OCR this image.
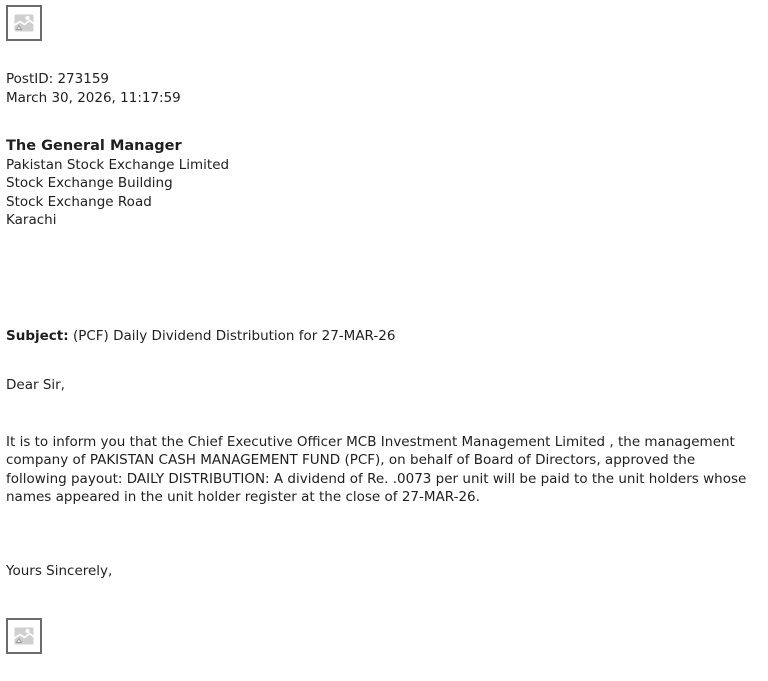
PostID: 273159
March 30, 2026, 11:17:59
The General Manager
Pakistan Stock Exchange Limited
Stock Exchange Building
Stock Exchange Road
Karachi

Subject: (PCF) Daily Dividend Distribution for 27-MAR-26

Dear Sir,

It is to inform you that the Chief Executive Officer MCB Investment Management Limited , the management company of PAKISTAN CASH MANAGEMENT FUND (PCF), on behalf of Board of Directors, approved the following payout: DAILY DISTRIBUTION: A dividend of Re. .0073 per unit will be paid to the unit holders whose names appeared in the unit holder register at the close of 27-MAR-26.

Yours Sincerely,
